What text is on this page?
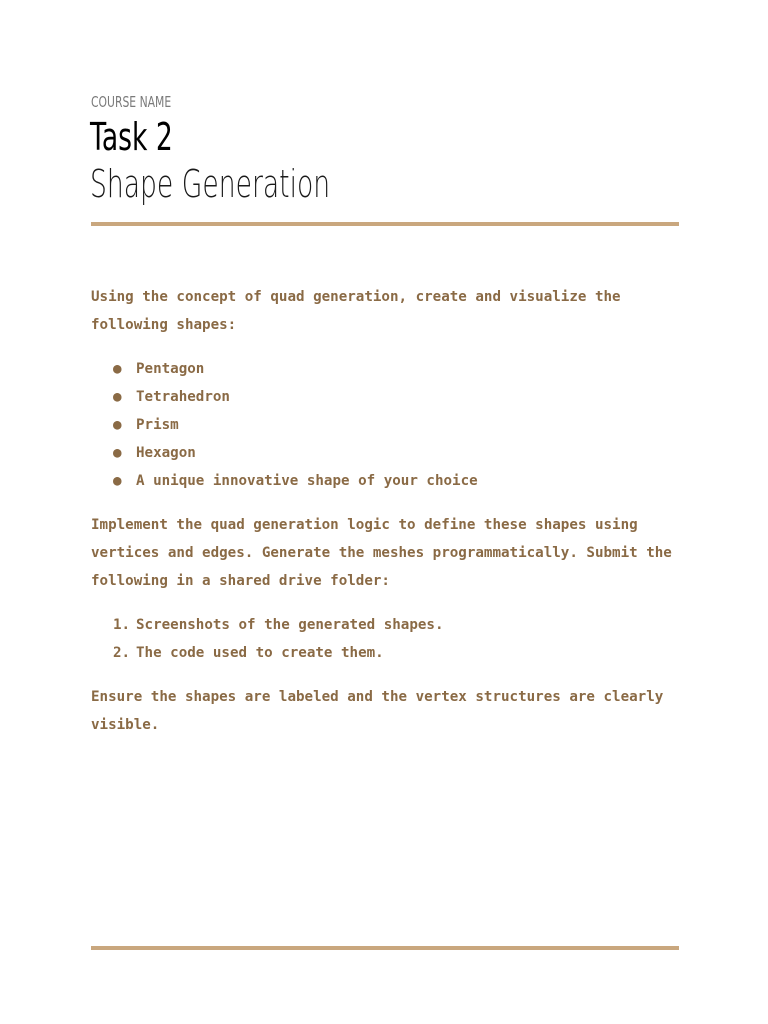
COURSE NAME
Task 2
Shape Generation

Using the concept of quad generation, create and visualize the following shapes:

● Pentagon
● Tetrahedron
● Prism
● Hexagon
● A unique innovative shape of your choice

Implement the quad generation logic to define these shapes using vertices and edges. Generate the meshes programmatically. Submit the following in a shared drive folder:

1. Screenshots of the generated shapes.
2. The code used to create them.

Ensure the shapes are labeled and the vertex structures are clearly visible.
